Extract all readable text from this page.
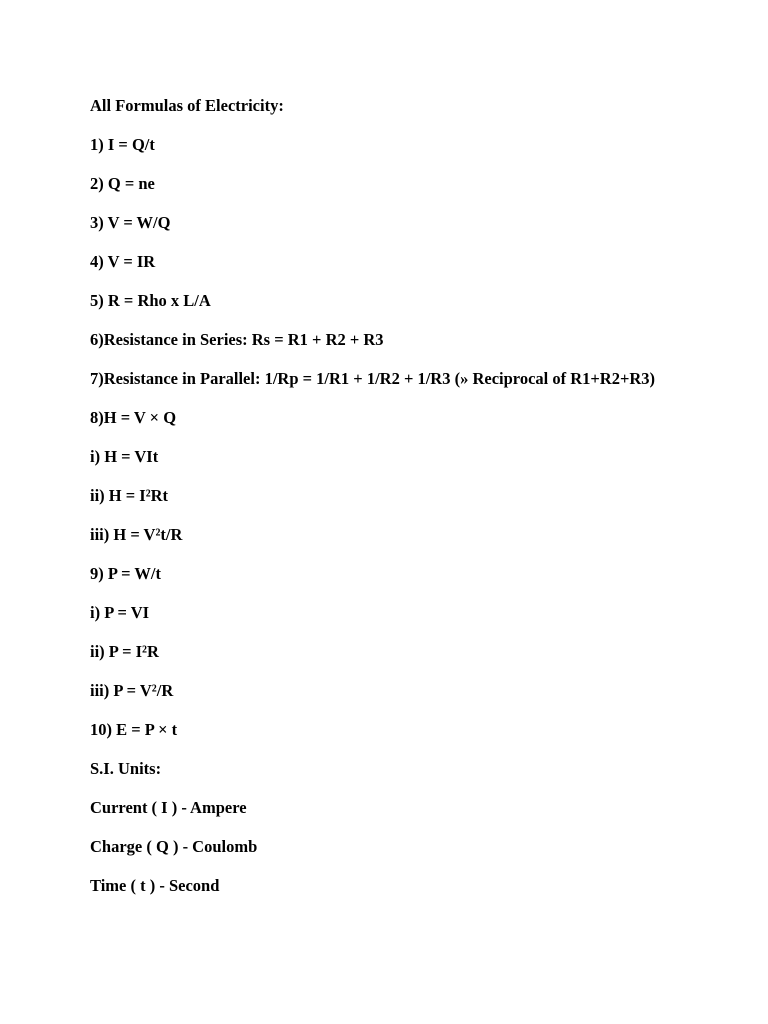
All Formulas of Electricity:

1) I = Q/t

2) Q = ne

3) V = W/Q

4) V = IR

5) R = Rho x L/A

6)Resistance in Series: Rs = R1 + R2 + R3

7)Resistance in Parallel: 1/Rp = 1/R1 + 1/R2 + 1/R3 (» Reciprocal of R1+R2+R3)

8)H = V × Q

i) H = VIt

ii) H = I²Rt

iii) H = V²t/R

9) P = W/t

i) P = VI

ii) P = I²R

iii) P = V²/R

10) E = P × t

S.I. Units:

Current ( I ) - Ampere

Charge ( Q ) - Coulomb

Time ( t ) - Second
